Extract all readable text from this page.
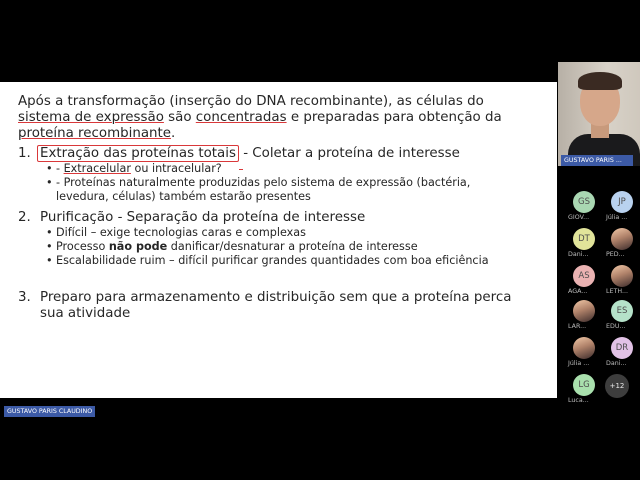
Após a transformação (inserção do DNA recombinante), as células do
sistema de expressão são concentradas e preparadas para obtenção da
proteína recombinante.
1. Extração das proteínas totais - Coletar a proteína de interesse
• - Extracelular ou intracelular?
• - Proteínas naturalmente produzidas pelo sistema de expressão (bactéria,
levedura, células) também estarão presentes
2. Purificação - Separação da proteína de interesse
• Difícil – exige tecnologias caras e complexas
• Processo não pode danificar/desnaturar a proteína de interesse
• Escalabilidade ruim – difícil purificar grandes quantidades com boa eficiência
3. Preparo para armazenamento e distribuição sem que a proteína perca
sua atividade
GUSTAVO PARIS ...
GS
GIOV...
JP
Júlia ...
DT
Dani...	PED...
AS
AGA...	LETH...
LAR...
ES
EDU...
Júlia ...
DR
Dani...
LG
Luca...
+12
GUSTAVO PARIS CLAUDINO
